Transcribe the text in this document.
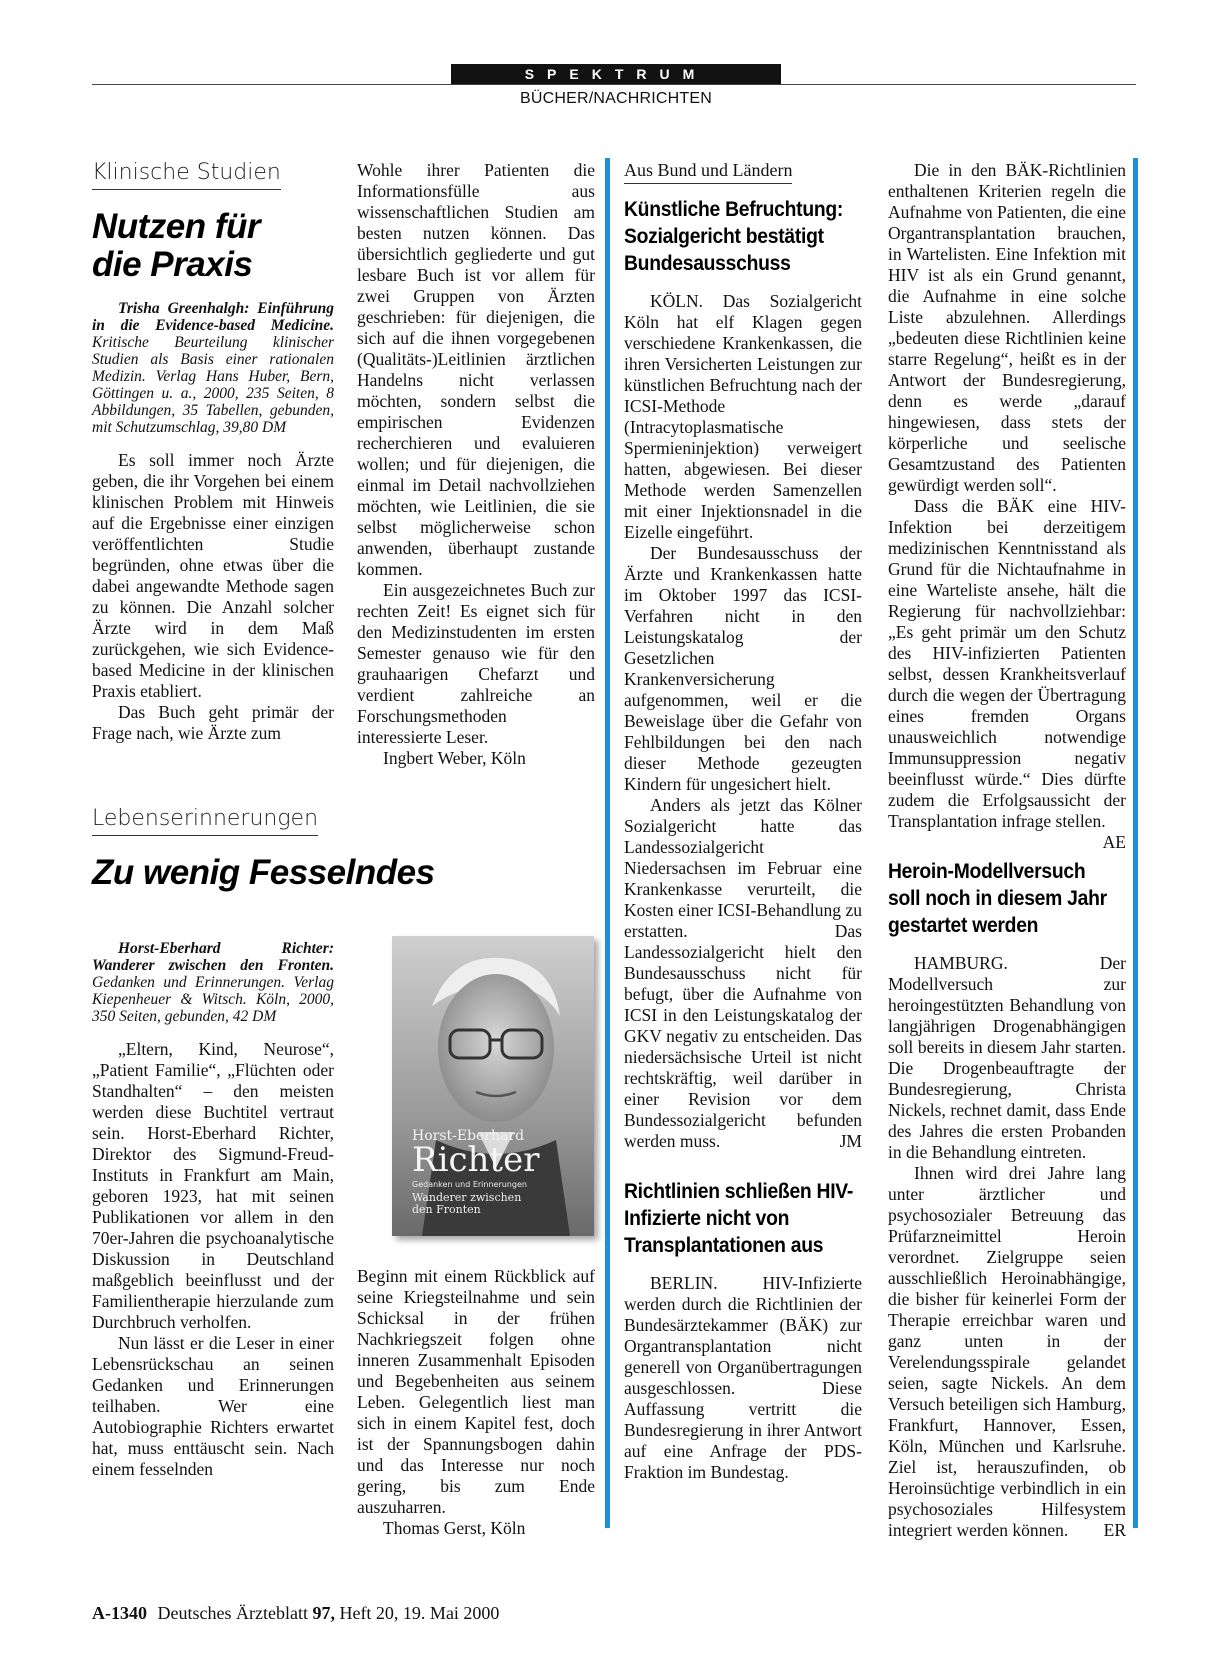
SPEKTRUM
BÜCHER/NACHRICHTEN
Klinische Studien
Nutzen für
die Praxis
Trisha Greenhalgh: Einführung in die Evidence-based Medicine. Kritische Beurteilung klinischer Studien als Basis einer rationalen Medizin. Verlag Hans Huber, Bern, Göttingen u. a., 2000, 235 Seiten, 8 Abbildungen, 35 Tabellen, gebunden, mit Schutzumschlag, 39,80 DM

Es soll immer noch Ärzte geben, die ihr Vorgehen bei einem klinischen Problem mit Hinweis auf die Ergebnisse einer einzigen veröffentlichten Studie begründen, ohne etwas über die dabei angewandte Methode sagen zu können. Die Anzahl solcher Ärzte wird in dem Maß zurückgehen, wie sich Evidence-based Medicine in der klinischen Praxis etabliert.

Das Buch geht primär der Frage nach, wie Ärzte zum

Wohle ihrer Patienten die Informationsfülle aus wissenschaftlichen Studien am besten nutzen können. Das übersichtlich gegliederte und gut lesbare Buch ist vor allem für zwei Gruppen von Ärzten geschrieben: für diejenigen, die sich auf die ihnen vorgegebenen (Qualitäts-)Leitlinien ärztlichen Handelns nicht verlassen möchten, sondern selbst die empirischen Evidenzen recherchieren und evaluieren wollen; und für diejenigen, die einmal im Detail nachvollziehen möchten, wie Leitlinien, die sie selbst möglicherweise schon anwenden, überhaupt zustande kommen.

Ein ausgezeichnetes Buch zur rechten Zeit! Es eignet sich für den Medizinstudenten im ersten Semester genauso wie für den grauhaarigen Chefarzt und verdient zahlreiche an Forschungsmethoden interessierte Leser.

Ingbert Weber, Köln

Lebenserinnerungen
Zu wenig Fesselndes
Horst-Eberhard Richter: Wanderer zwischen den Fronten. Gedanken und Erinnerungen. Verlag Kiepenheuer & Witsch. Köln, 2000, 350 Seiten, gebunden, 42 DM

„Eltern, Kind, Neurose“, „Patient Familie“, „Flüchten oder Standhalten“ – den meisten werden diese Buchtitel vertraut sein. Horst-Eberhard Richter, Direktor des Sigmund-Freud-Instituts in Frankfurt am Main, geboren 1923, hat mit seinen Publikationen vor allem in den 70er-Jahren die psychoanalytische Diskussion in Deutschland maßgeblich beeinflusst und der Familientherapie hierzulande zum Durchbruch verholfen.

Nun lässt er die Leser in einer Lebensrückschau an seinen Gedanken und Erinnerungen teilhaben. Wer eine Autobiographie Richters erwartet hat, muss enttäuscht sein. Nach einem fesselnden

Horst-Eberhard
Richter
Gedanken und Erinnerungen
Wanderer zwischen
den Fronten

Beginn mit einem Rückblick auf seine Kriegsteilnahme und sein Schicksal in der frühen Nachkriegszeit folgen ohne inneren Zusammenhalt Episoden und Begebenheiten aus seinem Leben. Gelegentlich liest man sich in einem Kapitel fest, doch ist der Spannungsbogen dahin und das Interesse nur noch gering, bis zum Ende auszuharren.

Thomas Gerst, Köln

Aus Bund und Ländern
Künstliche Befruchtung: Sozialgericht bestätigt Bundesausschuss

KÖLN. Das Sozialgericht Köln hat elf Klagen gegen verschiedene Krankenkassen, die ihren Versicherten Leistungen zur künstlichen Befruchtung nach der ICSI-Methode (Intracytoplasmatische Spermieninjektion) verweigert hatten, abgewiesen. Bei dieser Methode werden Samenzellen mit einer Injektionsnadel in die Eizelle eingeführt.

Der Bundesausschuss der Ärzte und Krankenkassen hatte im Oktober 1997 das ICSI-Verfahren nicht in den Leistungskatalog der Gesetzlichen Krankenversicherung aufgenommen, weil er die Beweislage über die Gefahr von Fehlbildungen bei den nach dieser Methode gezeugten Kindern für ungesichert hielt.

Anders als jetzt das Kölner Sozialgericht hatte das Landessozialgericht Niedersachsen im Februar eine Krankenkasse verurteilt, die Kosten einer ICSI-Behandlung zu erstatten. Das Landessozialgericht hielt den Bundesausschuss nicht für befugt, über die Aufnahme von ICSI in den Leistungskatalog der GKV negativ zu entscheiden. Das niedersächsische Urteil ist nicht rechtskräftig, weil darüber in einer Revision vor dem Bundessozialgericht befunden werden muss.	JM

Richtlinien schließen HIV-Infizierte nicht von Transplantationen aus

BERLIN. HIV-Infizierte werden durch die Richtlinien der Bundesärztekammer (BÄK) zur Organtransplantation nicht generell von Organübertragungen ausgeschlossen. Diese Auffassung vertritt die Bundesregierung in ihrer Antwort auf eine Anfrage der PDS-Fraktion im Bundestag.

Die in den BÄK-Richtlinien enthaltenen Kriterien regeln die Aufnahme von Patienten, die eine Organtransplantation brauchen, in Wartelisten. Eine Infektion mit HIV ist als ein Grund genannt, die Aufnahme in eine solche Liste abzulehnen. Allerdings „bedeuten diese Richtlinien keine starre Regelung“, heißt es in der Antwort der Bundesregierung, denn es werde „darauf hingewiesen, dass stets der körperliche und seelische Gesamtzustand des Patienten gewürdigt werden soll“.

Dass die BÄK eine HIV-Infektion bei derzeitigem medizinischen Kenntnisstand als Grund für die Nichtaufnahme in eine Warteliste ansehe, hält die Regierung für nachvollziehbar: „Es geht primär um den Schutz des HIV-infizierten Patienten selbst, dessen Krankheitsverlauf durch die wegen der Übertragung eines fremden Organs unausweichlich notwendige Immunsuppression negativ beeinflusst würde.“ Dies dürfte zudem die Erfolgsaussicht der Transplantation infrage stellen.
AE

Heroin-Modellversuch soll noch in diesem Jahr gestartet werden

HAMBURG. Der Modellversuch zur heroingestützten Behandlung von langjährigen Drogenabhängigen soll bereits in diesem Jahr starten. Die Drogenbeauftragte der Bundesregierung, Christa Nickels, rechnet damit, dass Ende des Jahres die ersten Probanden in die Behandlung eintreten.

Ihnen wird drei Jahre lang unter ärztlicher und psychosozialer Betreuung das Prüfarzneimittel Heroin verordnet. Zielgruppe seien ausschließlich Heroinabhängige, die bisher für keinerlei Form der Therapie erreichbar waren und ganz unten in der Verelendungsspirale gelandet seien, sagte Nickels. An dem Versuch beteiligen sich Hamburg, Frankfurt, Hannover, Essen, Köln, München und Karlsruhe. Ziel ist, herauszufinden, ob Heroinsüchtige verbindlich in ein psychosoziales Hilfesystem integriert werden können.	ER

A-1340 Deutsches Ärzteblatt 97, Heft 20, 19. Mai 2000
